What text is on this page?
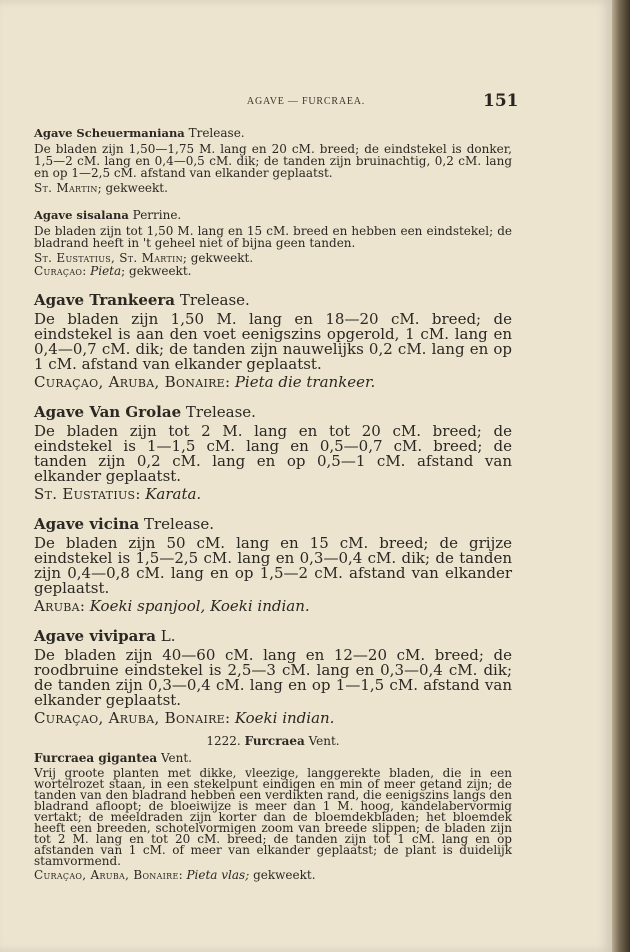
AGAVE — FURCRAEA.	151
Agave Scheuermaniana Trelease.

De bladen zijn 1,50—1,75 M. lang en 20 cM. breed; de eindstekel is donker, 1,5—2 cM. lang en 0,4—0,5 cM. dik; de tanden zijn bruinachtig, 0,2 cM. lang en op 1—2,5 cM. afstand van elkander geplaatst.

St. Martin; gekweekt.
Agave sisalana Perrine.

De bladen zijn tot 1,50 M. lang en 15 cM. breed en hebben een eindstekel; de bladrand heeft in 't geheel niet of bijna geen tanden.

St. Eustatius, St. Martin; gekweekt.
Curaçao: Pieta; gekweekt.
Agave Trankeera Trelease.

De bladen zijn 1,50 M. lang en 18—20 cM. breed; de eindstekel is aan den voet eenigszins opgerold, 1 cM. lang en 0,4—0,7 cM. dik; de tanden zijn nauwelijks 0,2 cM. lang en op 1 cM. afstand van elkander geplaatst.

Curaçao, Aruba, Bonaire: Pieta die trankeer.
Agave Van Grolae Trelease.

De bladen zijn tot 2 M. lang en tot 20 cM. breed; de eindstekel is 1—1,5 cM. lang en 0,5—0,7 cM. breed; de tanden zijn 0,2 cM. lang en op 0,5—1 cM. afstand van elkander geplaatst.

St. Eustatius: Karata.
Agave vicina Trelease.

De bladen zijn 50 cM. lang en 15 cM. breed; de grijze eindstekel is 1,5—2,5 cM. lang en 0,3—0,4 cM. dik; de tanden zijn 0,4—0,8 cM. lang en op 1,5—2 cM. afstand van elkander geplaatst.

Aruba: Koeki spanjool, Koeki indian.
Agave vivipara L.

De bladen zijn 40—60 cM. lang en 12—20 cM. breed; de roodbruine eindstekel is 2,5—3 cM. lang en 0,3—0,4 cM. dik; de tanden zijn 0,3—0,4 cM. lang en op 1—1,5 cM. afstand van elkander geplaatst.

Curaçao, Aruba, Bonaire: Koeki indian.
1222. Furcraea Vent.
Furcraea gigantea Vent.

Vrij groote planten met dikke, vleezige, langgerekte bladen, die in een wortelrozet staan, in een stekelpunt eindigen en min of meer getand zijn; de tanden van den bladrand hebben een verdikten rand, die eenigszins langs den bladrand afloopt; de bloeiwijze is meer dan 1 M. hoog, kandelabervormig vertakt; de meeldraden zijn korter dan de bloemdekbladen; het bloemdek heeft een breeden, schotelvormigen zoom van breede slippen; de bladen zijn tot 2 M. lang en tot 20 cM. breed; de tanden zijn tot 1 cM. lang en op afstanden van 1 cM. of meer van elkander geplaatst; de plant is duidelijk stamvormend.

Curaçao, Aruba, Bonaire: Pieta vlas; gekweekt.
